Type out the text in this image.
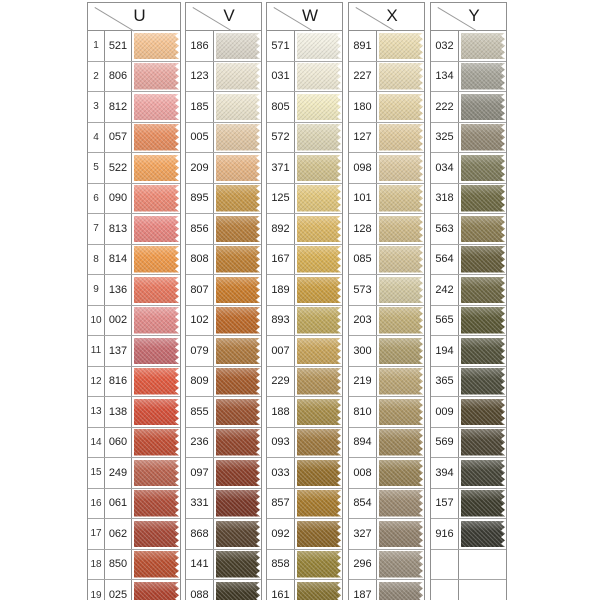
U
1 521
2 806
3 812
4 057
5 522
6 090
7 813
8 814
9 136
10 002
11 137
12 816
13 138
14 060
15 249
16 061
17 062
18 850
19 025
V
186
123
185
005
209
895
856
808
807
102
079
809
855
236
097
331
868
141
088
W
571
031
805
572
371
125
892
167
189
893
007
229
188
093
033
857
092
858
161
X
891
227
180
127
098
101
128
085
573
203
300
219
810
894
008
854
327
296
187
Y
032
134
222
325
034
318
563
564
242
565
194
365
009
569
394
157
916
